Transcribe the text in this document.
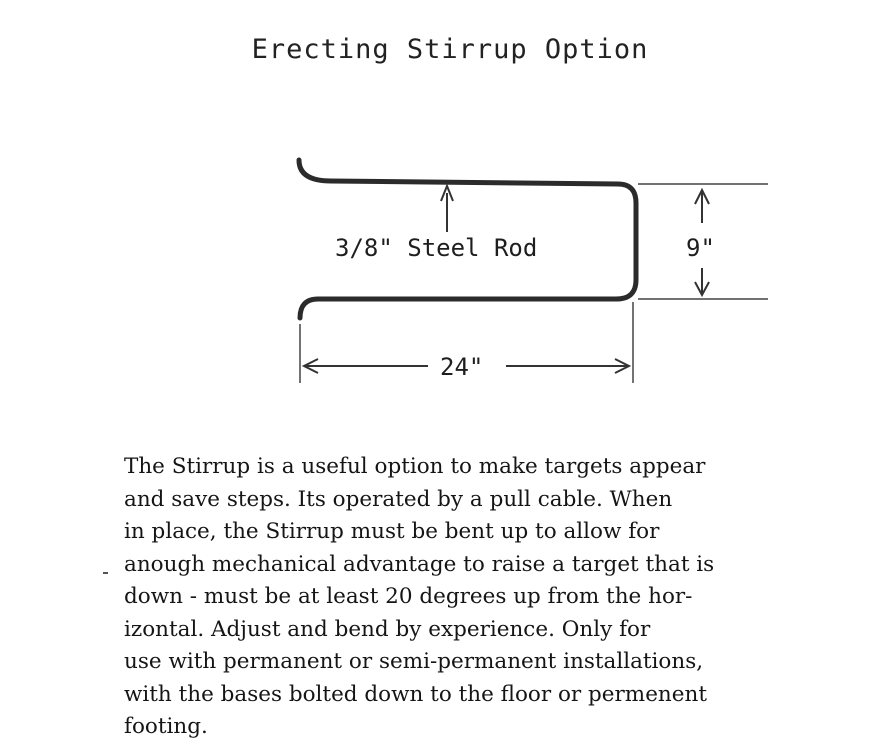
Erecting Stirrup Option
3/8" Steel Rod	9"
24"

The Stirrup is a useful option to make targets appear
and save steps. Its operated by a pull cable. When
in place, the Stirrup must be bent up to allow for
anough mechanical advantage to raise a target that is
down - must be at least 20 degrees up from the hor-
izontal. Adjust and bend by experience. Only for
use with permanent or semi-permanent installations,
with the bases bolted down to the floor or permenent
footing.
